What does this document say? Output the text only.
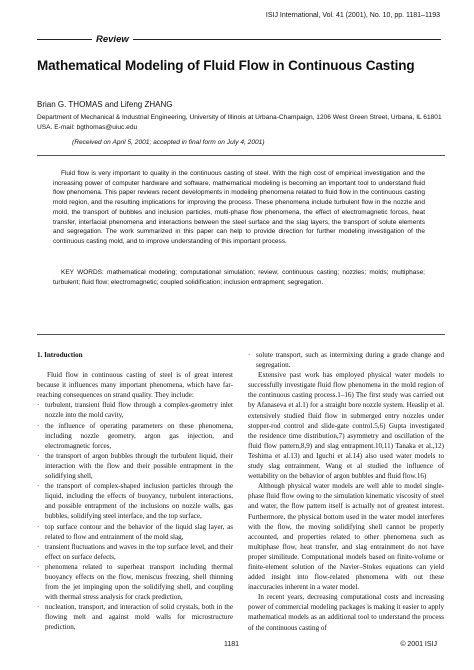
ISIJ International, Vol. 41 (2001), No. 10, pp. 1181–1193
Review
Mathematical Modeling of Fluid Flow in Continuous Casting
Brian G. THOMAS and Lifeng ZHANG
Department of Mechanical & Industrial Engineering, University of Illinois at Urbana-Champaign, 1206 West Green Street, Urbana, IL 61801 USA. E-mail: bgthomas@uiuc.edu
(Received on April 5, 2001; accepted in final form on July 4, 2001)

Fluid flow is very important to quality in the continuous casting of steel. With the high cost of empirical investigation and the increasing power of computer hardware and software, mathematical modeling is becoming an important tool to understand fluid flow phenomena. This paper reviews recent developments in modeling phenomena related to fluid flow in the continuous casting mold region, and the resulting implications for improving the process. These phenomena include turbulent flow in the nozzle and mold, the transport of bubbles and inclusion particles, multi-phase flow phenomena, the effect of electromagnetic forces, heat transfer, interfacial phenomena and interactions between the steel surface and the slag layers, the transport of solute elements and segregation. The work summarized in this paper can help to provide direction for further modeling investigation of the continuous casting mold, and to improve understanding of this important process.

KEY WORDS: mathematical modeling; computational simulation; review; continuous casting; nozzles; molds; multiphase; turbulent; fluid flow; electromagnetic; coupled solidification; inclusion entrapment; segregation.

1. Introduction

Fluid flow in continuous casting of steel is of great interest because it influences many important phenomena, which have far-reaching consequences on strand quality. They include:

· turbulent, transient fluid flow through a complex-geometry inlet nozzle into the mold cavity,
· the influence of operating parameters on these phenomena, including nozzle geometry, argon gas injection, and electromagnetic forces,
· the transport of argon bubbles through the turbulent liquid, their interaction with the flow and their possible entrapment in the solidifying shell,
· the transport of complex-shaped inclusion particles through the liquid, including the effects of buoyancy, turbulent interactions, and possible entrapment of the inclusions on nozzle walls, gas bubbles, solidifying steel interface, and the top surface,
· top surface contour and the behavior of the liquid slag layer, as related to flow and entrainment of the mold slag,
· transient fluctuations and waves in the top surface level, and their effect on surface defects,
· phenomena related to superheat transport including thermal buoyancy effects on the flow, meniscus freezing, shell thinning from the jet impinging upon the solidifying shell, and coupling with thermal stress analysis for crack prediction,
· nucleation, transport, and interaction of solid crystals, both in the flowing melt and against mold walls for microstructure prediction,
· solute transport, such as intermixing during a grade change and segregation.

Extensive past work has employed physical water models to successfully investigate fluid flow phenomena in the mold region of the continuous casting process.1–16) The first study was carried out by Afanaseva et al.1) for a straight bore nozzle system. Heaslip et al. extensively studied fluid flow in submerged entry nozzles under stopper-rod control and slide-gate control.5,6) Gupta investigated the residence time distribution,7) asymmetry and oscillation of the fluid flow pattern,8,9) and slag entrapment.10,11) Tanaka et al.,12) Teshima et al.13) and Iguchi et al.14) also used water models to study slag entrainment. Wang et al studied the influence of wettability on the behavior of argon bubbles and fluid flow.16)

Although physical water models are well able to model single-phase fluid flow owing to the simulation kinematic viscosity of steel and water, the flow pattern itself is actually not of greatest interest. Furthermore, the physical bottom used in the water model interferes with the flow, the moving solidifying shell cannot be properly accounted, and properties related to other phenomena such as multiphase flow, heat transfer, and slag entrainment do not have proper similitude. Computational models based on finite-volume or finite-element solution of the Navier–Stokes equations can yield added insight into flow-related phenomena with out these inaccuracies inherent in a water model.

In recent years, decreasing computational costs and increasing power of commercial modeling packages is making it easier to apply mathematical models as an additional tool to understand the process of the continuous casting of

1181	© 2001 ISIJ
